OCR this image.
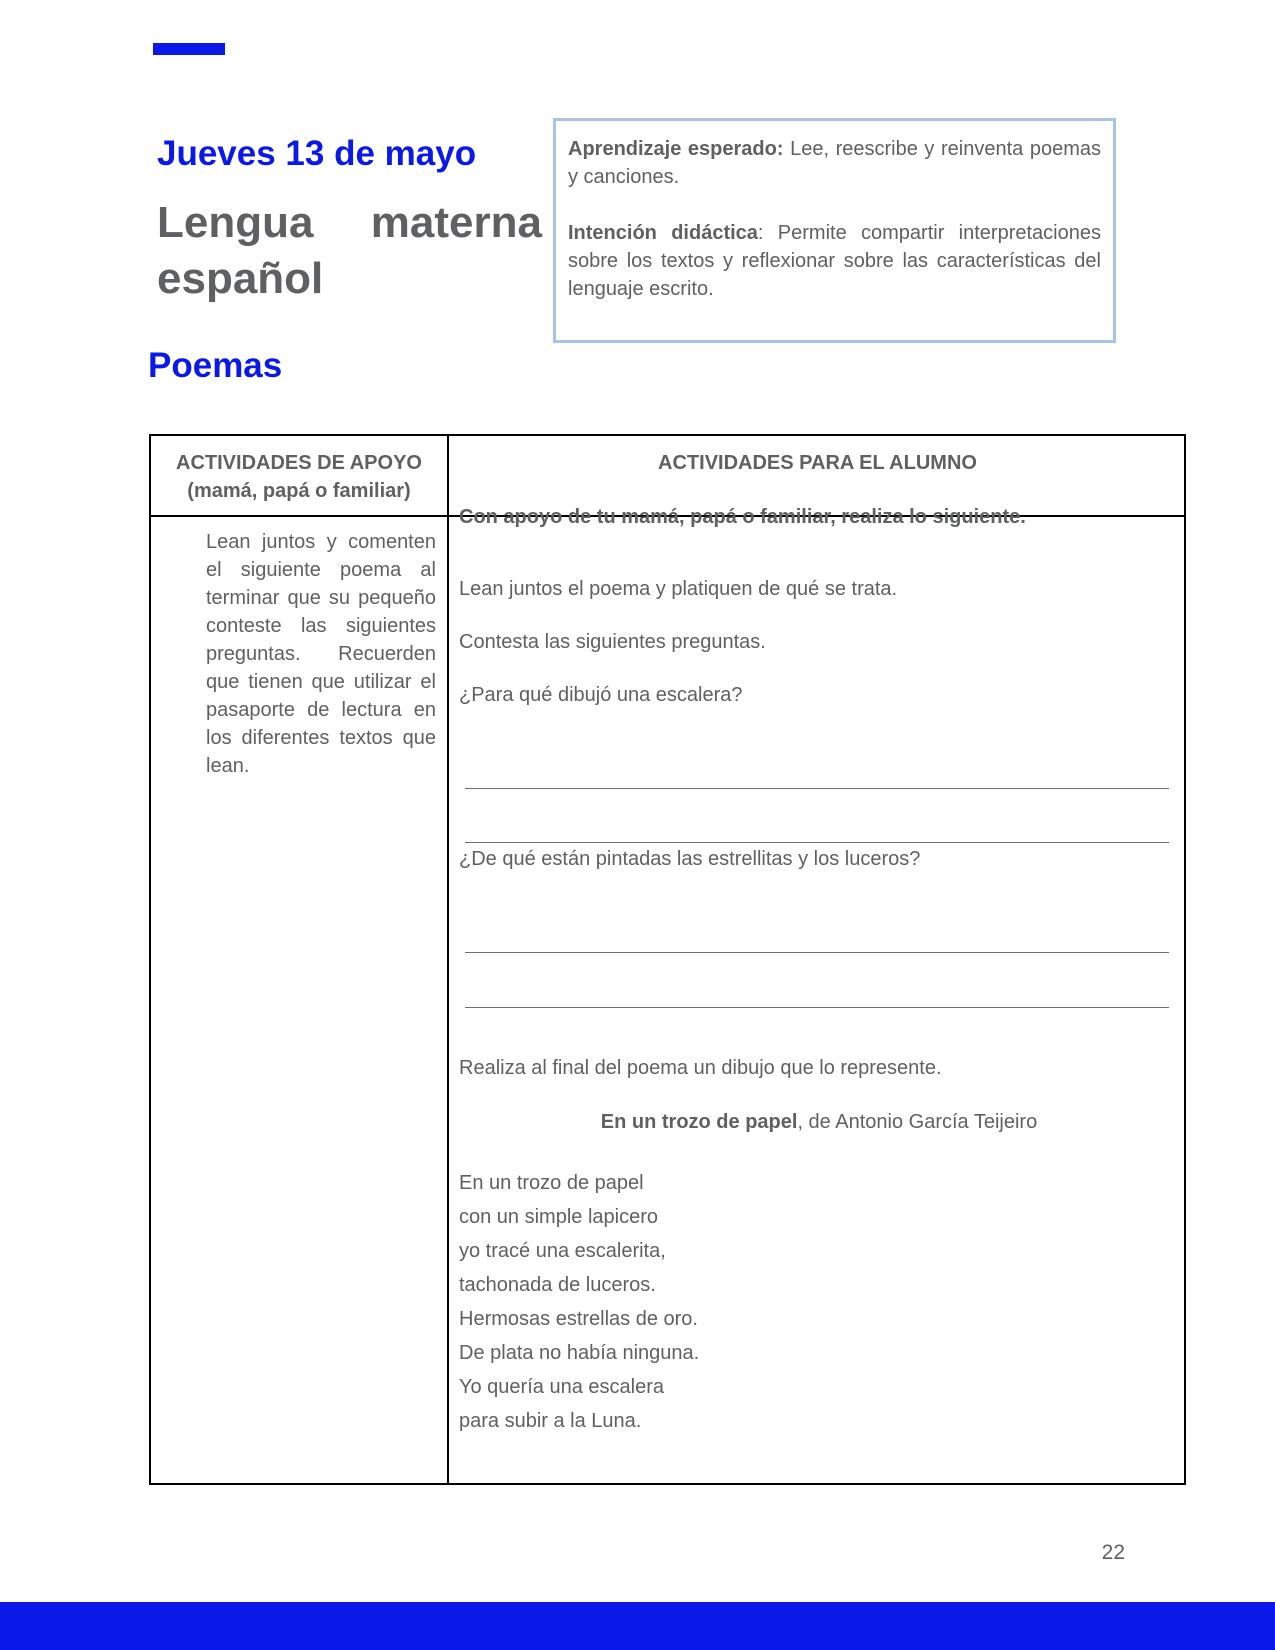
Jueves 13 de mayo
Lengua materna español

Aprendizaje esperado: Lee, reescribe y reinventa poemas y canciones.

Intención didáctica: Permite compartir interpretaciones sobre los textos y reflexionar sobre las características del lenguaje escrito.

Poemas
ACTIVIDADES DE APOYO
(mamá, papá o familiar)
ACTIVIDADES PARA EL ALUMNO

Lean juntos y comenten el siguiente poema al terminar que su pequeño conteste las siguientes preguntas. Recuerden que tienen que utilizar el pasaporte de lectura en los diferentes textos que lean.

Con apoyo de tu mamá, papá o familiar, realiza lo siguiente.

Lean juntos el poema y platiquen de qué se trata.

Contesta las siguientes preguntas.

¿Para qué dibujó una escalera?

¿De qué están pintadas las estrellitas y los luceros?

Realiza al final del poema un dibujo que lo represente.

En un trozo de papel, de Antonio García Teijeiro

En un trozo de papel
con un simple lapicero
yo tracé una escalerita,
tachonada de luceros.
Hermosas estrellas de oro.
De plata no había ninguna.
Yo quería una escalera
para subir a la Luna.
22
